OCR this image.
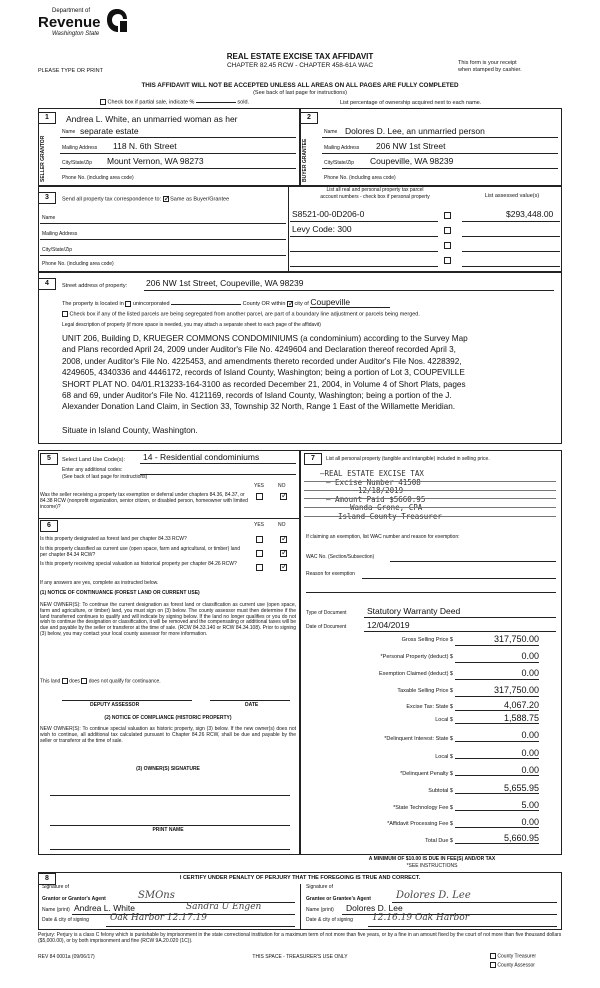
Department of
Revenue
Washington State
PLEASE TYPE OR PRINT
REAL ESTATE EXCISE TAX AFFIDAVIT
CHAPTER 82.45 RCW - CHAPTER 458-61A WAC	This form is your receipt
when stamped by cashier.
THIS AFFIDAVIT WILL NOT BE ACCEPTED UNLESS ALL AREAS ON ALL PAGES ARE FULLY COMPLETED
(See back of last page for instructions)
Check box if partial sale, indicate %	sold.	List percentage of ownership acquired next to each name.
1	2
SELLER GRANTOR	BUYER GRANTEE
Andrea L. White, an unmarried woman as her
Name separate estate
Mailing Address 118 N. 6th Street
City/State/Zip Mount Vernon, WA 98273
Phone No. (including area code)
Name Dolores D. Lee, an unmarried person
Mailing Address 206 NW 1st Street
City/State/Zip Coupeville, WA 98239
Phone No. (including area code)
3	Send all property tax correspondence to: ✓ Same as Buyer/Grantee
List all real and personal property tax parcel
account numbers - check box if personal property	List assessed value(s)
Name
Mailing Address
City/State/Zip
Phone No. (including area code)
S8521-00-0D206-0	$293,448.00
Levy Code: 300
4	Street address of property: 206 NW 1st Street, Coupeville, WA 98239
The property is located in unincorporated	County OR within ✓ city of Coupeville
Check box if any of the listed parcels are being segregated from another parcel, are part of a boundary line adjustment or parcels being merged.
Legal description of property (if more space is needed, you may attach a separate sheet to each page of the affidavit)
UNIT 206, Building D, KRUEGER COMMONS CONDOMINIUMS (a condominium) according to the Survey Map
and Plans recorded April 24, 2009 under Auditor's File No. 4249604 and Declaration thereof recorded April 3,
2008, under Auditor's File No. 4225453, and amendments thereto recorded under Auditor's File Nos. 4228392,
4249605, 4340336 and 4446172, records of Island County, Washington; being a portion of Lot 3, COUPEVILLE
SHORT PLAT NO. 04/01.R13233-164-3100 as recorded December 21, 2004, in Volume 4 of Short Plats, pages
68 and 69, under Auditor's File No. 4121169, records of Island County, Washington; being a portion of the J.
Alexander Donation Land Claim, in Section 33, Township 32 North, Range 1 East of the Willamette Meridian.
Situate in Island County, Washington.
5	Select Land Use Code(s): 14 - Residential condominiums
Enter any additional codes:
(See back of last page for instructions)
YES	NO
Was the seller receiving a property tax exemption or deferral under chapters 84.36, 84.37, or 84.38 RCW (nonprofit organization, senior citizen, or disabled person, homeowner with limited income)?
✓
6	YES	NO
Is this property designated as forest land per chapter 84.33 RCW?
✓
Is this property classified as current use (open space, farm and agricultural, or timber) land per chapter 84.34 RCW?
✓
Is this property receiving special valuation as historical property per chapter 84.26 RCW?
✓
If any answers are yes, complete as instructed below.
(1) NOTICE OF CONTINUANCE (FOREST LAND OR CURRENT USE)
NEW OWNER(S): To continue the current designation as forest land or classification as current use (open space, farm and agriculture, or timber) land, you must sign on (3) below. The county assessor must then determine if the land transferred continues to qualify and will indicate by signing below. If the land no longer qualifies or you do not wish to continue the designation or classification, it will be removed and the compensating or additional taxes will be due and payable by the seller or transferor at the time of sale. (RCW 84.33.140 or RCW 84.34.108). Prior to signing (3) below, you may contact your local county assessor for more information.
This land does does not qualify for continuance.
DEPUTY ASSESSOR	DATE
(2) NOTICE OF COMPLIANCE (HISTORIC PROPERTY)
NEW OWNER(S): To continue special valuation as historic property, sign (3) below. If the new owner(s) does not wish to continue, all additional tax calculated pursuant to Chapter 84.26 RCW, shall be due and payable by the seller or transferor at the time of sale.
(3) OWNER(S) SIGNATURE
PRINT NAME
7	List all personal property (tangible and intangible) included in selling price.
—REAL ESTATE EXCISE TAX
— Excise Number 41508
12/18/2019
— Amount Paid $5660.95
Wanda Grone, CPA
Island County Treasurer
If claiming an exemption, list WAC number and reason for exemption:
WAC No. (Section/Subsection)
Reason for exemption
Type of Document Statutory Warranty Deed
Date of Document 12/04/2019
Gross Selling Price $	317,750.00
*Personal Property (deduct) $	0.00
Exemption Claimed (deduct) $	0.00
Taxable Selling Price $	317,750.00
Excise Tax: State $	4,067.20
Local $	1,588.75
*Delinquent Interest: State $	0.00
Local $	0.00
*Delinquent Penalty $	0.00
Subtotal $	5,655.95
*State Technology Fee $	5.00
*Affidavit Processing Fee $	0.00
Total Due $	5,660.95
A MINIMUM OF $10.00 IS DUE IN FEE(S) AND/OR TAX
*SEE INSTRUCTIONS
8	I CERTIFY UNDER PENALTY OF PERJURY THAT THE FOREGOING IS TRUE AND CORRECT.
Signature of
Grantor or Grantor's Agent	SMOns
Name (print) Andrea L. White	Sandra U Engen
Date & city of signing Oak Harbor 12.17.19
Signature of
Grantee or Grantee's Agent	Dolores D. Lee
Name (print) Dolores D. Lee
Date & city of signing 12.16.19 Oak Harbor
Perjury: Perjury is a class C felony which is punishable by imprisonment in the state correctional institution for a maximum term of not more than five years, or by a fine in an amount fixed by the court of not more than five thousand dollars ($5,000.00), or by both imprisonment and fine (RCW 9A.20.020 (1C)).
REV 84 0001a (09/06/17)	THIS SPACE - TREASURER'S USE ONLY	County Treasurer
County Assessor
